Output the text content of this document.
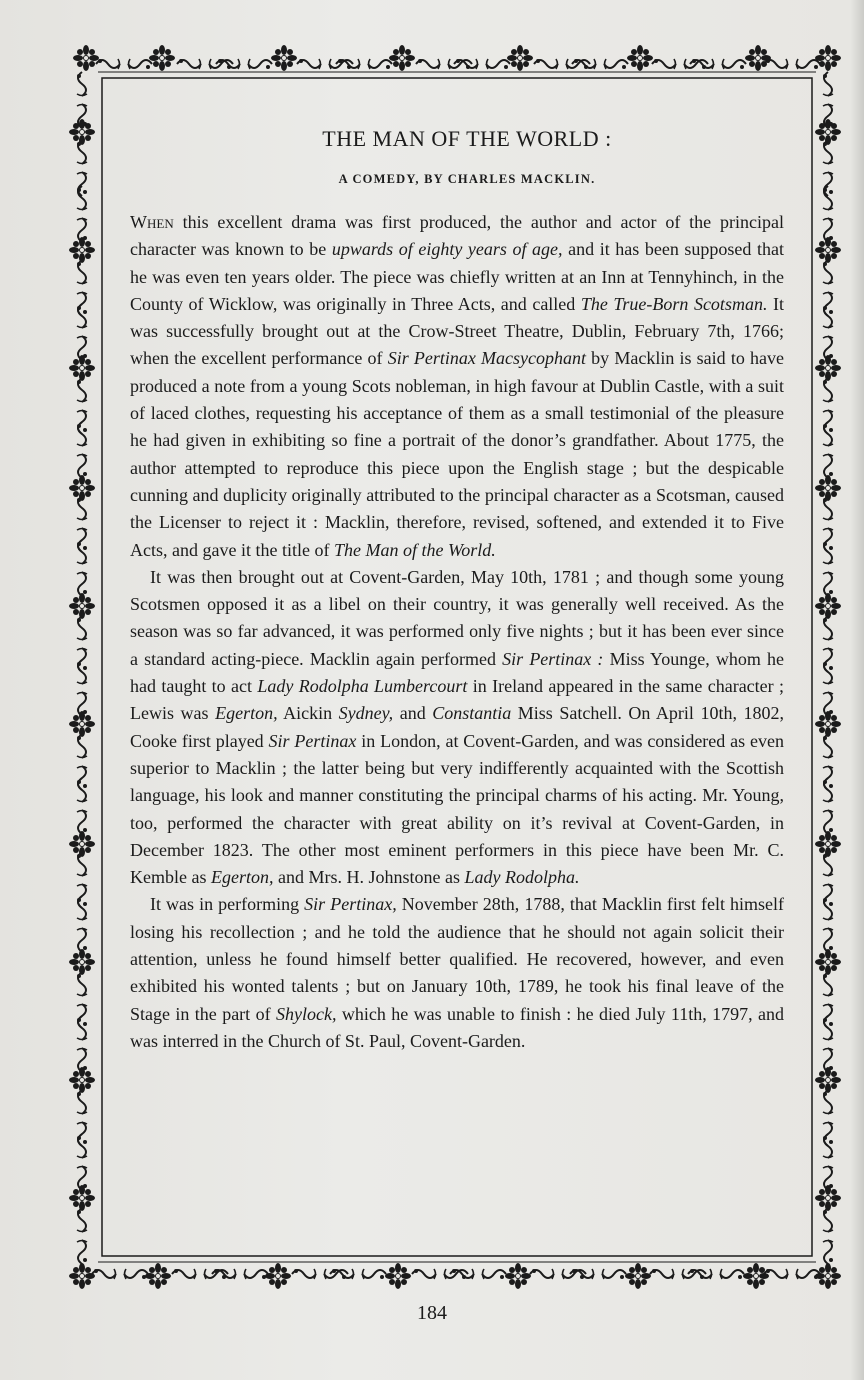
THE MAN OF THE WORLD :
A COMEDY, BY CHARLES MACKLIN.

When this excellent drama was first produced, the author and actor of the principal character was known to be upwards of eighty years of age, and it has been supposed that he was even ten years older. The piece was chiefly written at an Inn at Tennyhinch, in the County of Wicklow, was originally in Three Acts, and called The True-Born Scotsman. It was successfully brought out at the Crow-Street Theatre, Dublin, February 7th, 1766; when the excellent performance of Sir Pertinax Macsycophant by Macklin is said to have produced a note from a young Scots nobleman, in high favour at Dublin Castle, with a suit of laced clothes, requesting his acceptance of them as a small testimonial of the pleasure he had given in exhibiting so fine a portrait of the donor’s grandfather. About 1775, the author attempted to reproduce this piece upon the English stage ; but the despicable cunning and duplicity originally attributed to the principal character as a Scotsman, caused the Licenser to reject it : Macklin, therefore, revised, softened, and extended it to Five Acts, and gave it the title of The Man of the World.

It was then brought out at Covent-Garden, May 10th, 1781 ; and though some young Scotsmen opposed it as a libel on their country, it was generally well received. As the season was so far advanced, it was performed only five nights ; but it has been ever since a standard acting-piece. Macklin again performed Sir Pertinax : Miss Younge, whom he had taught to act Lady Rodolpha Lumbercourt in Ireland appeared in the same character ; Lewis was Egerton, Aickin Sydney, and Constantia Miss Satchell. On April 10th, 1802, Cooke first played Sir Pertinax in London, at Covent-Garden, and was considered as even superior to Macklin ; the latter being but very indifferently acquainted with the Scottish language, his look and manner constituting the principal charms of his acting. Mr. Young, too, performed the character with great ability on it’s revival at Covent-Garden, in December 1823. The other most eminent performers in this piece have been Mr. C. Kemble as Egerton, and Mrs. H. Johnstone as Lady Rodolpha.

It was in performing Sir Pertinax, November 28th, 1788, that Macklin first felt himself losing his recollection ; and he told the audience that he should not again solicit their attention, unless he found himself better qualified. He recovered, however, and even exhibited his wonted talents ; but on January 10th, 1789, he took his final leave of the Stage in the part of Shylock, which he was unable to finish : he died July 11th, 1797, and was interred in the Church of St. Paul, Covent-Garden.

184
